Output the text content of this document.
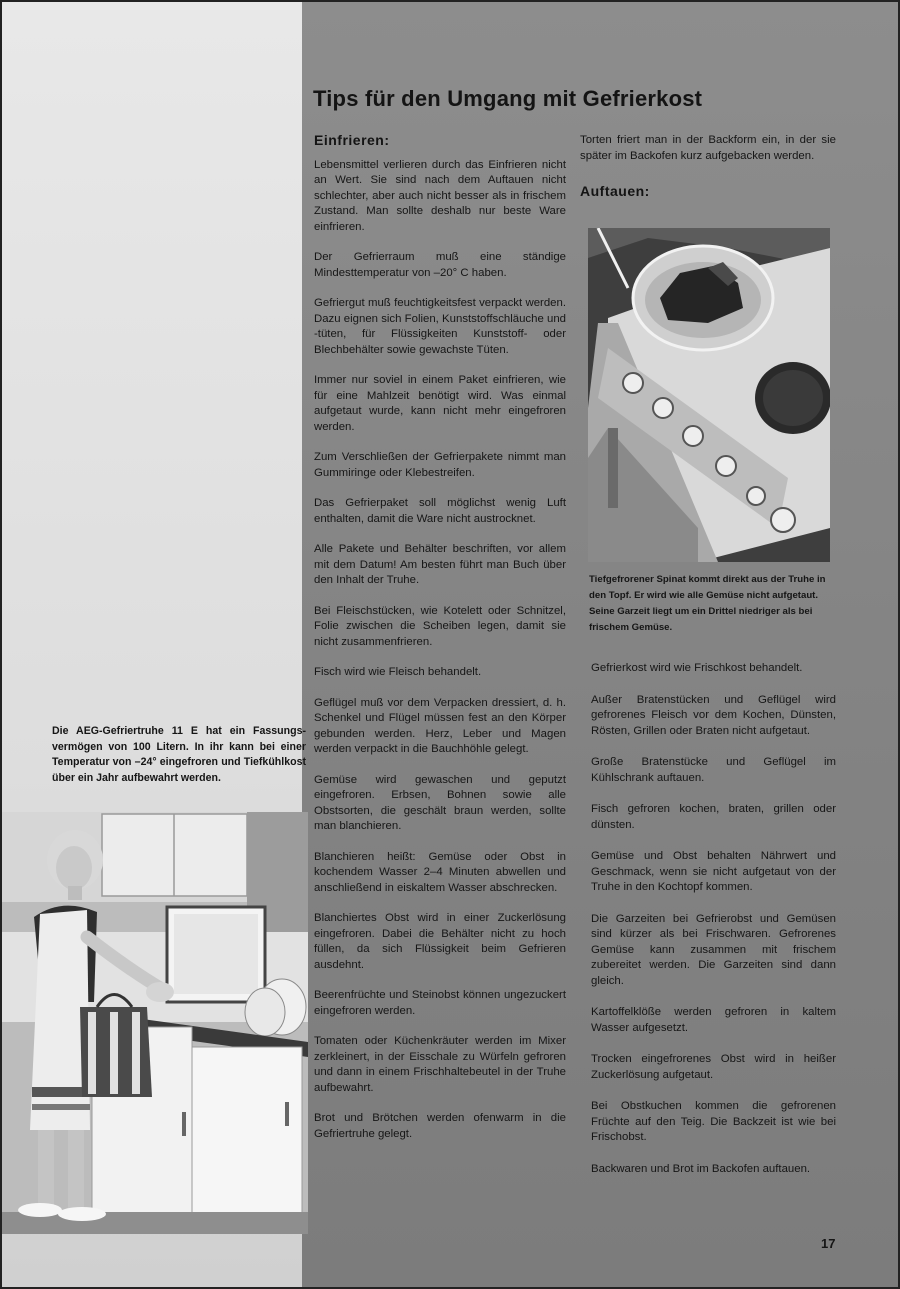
Tips für den Umgang mit Gefrierkost
Einfrieren:

Lebensmittel verlieren durch das Einfrieren nicht an Wert. Sie sind nach dem Auftauen nicht schlechter, aber auch nicht besser als in frischem Zustand. Man sollte deshalb nur beste Ware einfrieren.

Der Gefrierraum muß eine ständige Mindesttemperatur von –20° C haben.

Gefriergut muß feuchtigkeitsfest verpackt werden. Dazu eignen sich Folien, Kunststoffschläuche und -tüten, für Flüssigkeiten Kunststoff- oder Blechbehälter sowie gewachste Tüten.

Immer nur soviel in einem Paket einfrieren, wie für eine Mahlzeit benötigt wird. Was einmal aufgetaut wurde, kann nicht mehr eingefroren werden.

Zum Verschließen der Gefrierpakete nimmt man Gummiringe oder Klebestreifen.

Das Gefrierpaket soll möglichst wenig Luft enthalten, damit die Ware nicht austrocknet.

Alle Pakete und Behälter beschriften, vor allem mit dem Datum! Am besten führt man Buch über den Inhalt der Truhe.

Bei Fleischstücken, wie Kotelett oder Schnitzel, Folie zwischen die Scheiben legen, damit sie nicht zusammenfrieren.

Fisch wird wie Fleisch behandelt.

Geflügel muß vor dem Verpacken dressiert, d. h. Schenkel und Flügel müssen fest an den Körper gebunden werden. Herz, Leber und Magen werden verpackt in die Bauchhöhle gelegt.

Gemüse wird gewaschen und geputzt eingefroren. Erbsen, Bohnen sowie alle Obstsorten, die geschält braun werden, sollte man blanchieren.

Blanchieren heißt: Gemüse oder Obst in kochendem Wasser 2–4 Minuten abwellen und anschließend in eiskaltem Wasser abschrecken.

Blanchiertes Obst wird in einer Zuckerlösung eingefroren. Dabei die Behälter nicht zu hoch füllen, da sich Flüssigkeit beim Gefrieren ausdehnt.

Beerenfrüchte und Steinobst können ungezuckert eingefroren werden.

Tomaten oder Küchenkräuter werden im Mixer zerkleinert, in der Eisschale zu Würfeln gefroren und dann in einem Frischhaltebeutel in der Truhe aufbewahrt.

Brot und Brötchen werden ofenwarm in die Gefriertruhe gelegt.

Torten friert man in der Backform ein, in der sie später im Backofen kurz aufgebacken werden.

Auftauen:

Tiefgefrorener Spinat kommt direkt aus der Truhe in den Topf. Er wird wie alle Gemüse nicht aufgetaut. Seine Garzeit liegt um ein Drittel niedriger als bei frischem Gemüse.

Gefrierkost wird wie Frischkost behandelt.

Außer Bratenstücken und Geflügel wird gefrorenes Fleisch vor dem Kochen, Dünsten, Rösten, Grillen oder Braten nicht aufgetaut.

Große Bratenstücke und Geflügel im Kühlschrank auftauen.

Fisch gefroren kochen, braten, grillen oder dünsten.

Gemüse und Obst behalten Nährwert und Geschmack, wenn sie nicht aufgetaut von der Truhe in den Kochtopf kommen.

Die Garzeiten bei Gefrierobst und Gemüsen sind kürzer als bei Frischwaren. Gefrorenes Gemüse kann zusammen mit frischem zubereitet werden. Die Garzeiten sind dann gleich.

Kartoffelklöße werden gefroren in kaltem Wasser aufgesetzt.

Trocken eingefrorenes Obst wird in heißer Zuckerlösung aufgetaut.

Bei Obstkuchen kommen die gefrorenen Früchte auf den Teig. Die Backzeit ist wie bei Frischobst.

Backwaren und Brot im Backofen auftauen.

Die AEG-Gefriertruhe 11 E hat ein Fassungs-vermögen von 100 Litern. In ihr kann bei einer Temperatur von –24° eingefroren und Tiefkühlkost über ein Jahr aufbewahrt werden.

17
